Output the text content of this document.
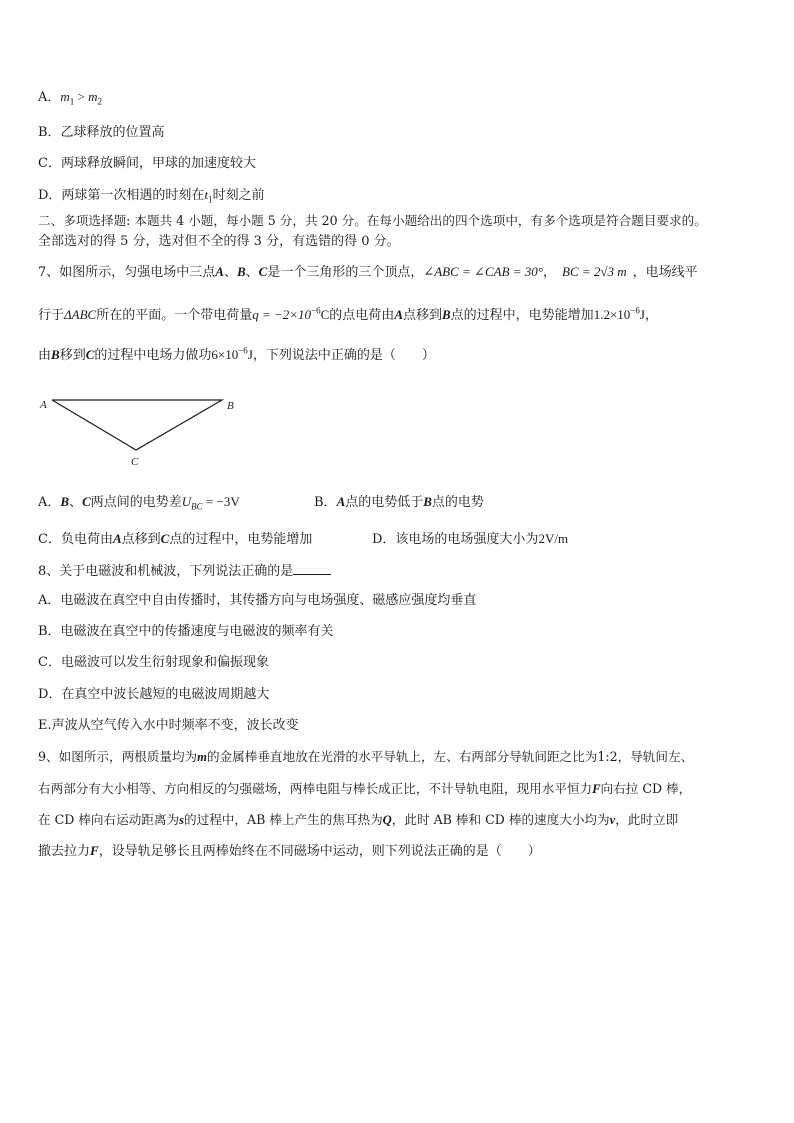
A．$m_1 > m_2$
B．乙球释放的位置高
C．两球释放瞬间，甲球的加速度较大
D．两球第一次相遇的时刻在$t_1$时刻之前
二、多项选择题: 本题共 4 小题，每小题 5 分，共 20 分。在每小题给出的四个选项中，有多个选项是符合题目要求的。
全部选对的得 5 分，选对但不全的得 3 分，有选错的得 0 分。
7、如图所示，匀强电场中三点A、B、C是一个三角形的三个顶点，∠ABC = ∠CAB = 30°， BC = 2√3 m ，电场线平
行于ΔABC所在的平面。一个带电荷量$q = -2\times 10^{-6}C$的点电荷由A点移到B点的过程中，电势能增加$1.2\times 10^{-6}J$，
由B移到C的过程中电场力做功$6\times 10^{-6}J$，下列说法中正确的是（　　）
A	B
C
A．B、C两点间的电势差$U_{BC} = -3V$	B．A点的电势低于B点的电势
C．负电荷由A点移到C点的过程中，电势能增加	D．该电场的电场强度大小为2V/m
8、关于电磁波和机械波，下列说法正确的是
A．电磁波在真空中自由传播时，其传播方向与电场强度、磁感应强度均垂直
B．电磁波在真空中的传播速度与电磁波的频率有关
C．电磁波可以发生衍射现象和偏振现象
D．在真空中波长越短的电磁波周期越大
E.声波从空气传入水中时频率不变，波长改变
9、如图所示，两根质量均为m的金属棒垂直地放在光滑的水平导轨上，左、右两部分导轨间距之比为1:2，导轨间左、
右两部分有大小相等、方向相反的匀强磁场，两棒电阻与棒长成正比，不计导轨电阻，现用水平恒力F向右拉 CD 棒，
在 CD 棒向右运动距离为s的过程中，AB 棒上产生的焦耳热为Q，此时 AB 棒和 CD 棒的速度大小均为v，此时立即
撤去拉力F，设导轨足够长且两棒始终在不同磁场中运动，则下列说法正确的是（　　）
